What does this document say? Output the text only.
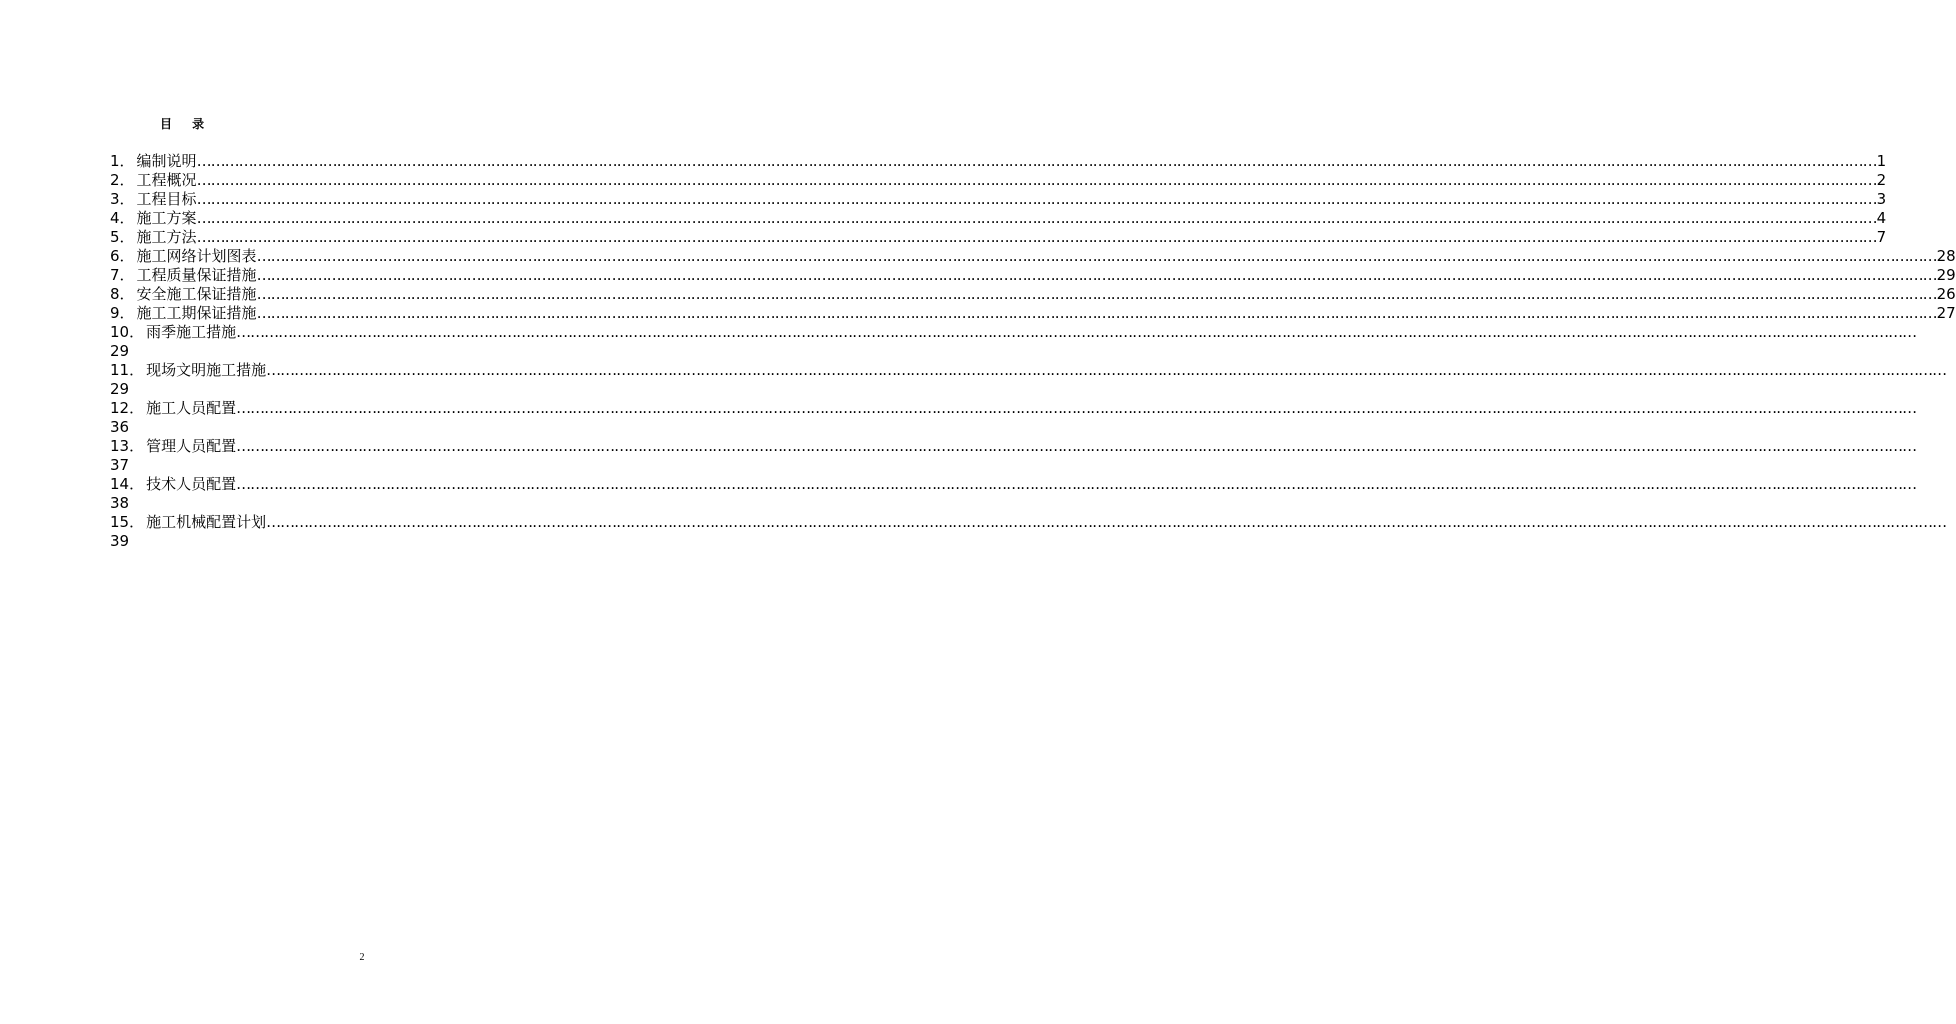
目 录
1． 编制说明 ……………………………………………………………………………………………………………………………………………………………………………………………………………………………………………………………………………………………………………………………… 1
2． 工程概况 ……………………………………………………………………………………………………………………………………………………………………………………………………………………………………………………………………………………………………………………………… 2
3． 工程目标 ……………………………………………………………………………………………………………………………………………………………………………………………………………………………………………………………………………………………………………………………… 3
4． 施工方案 ……………………………………………………………………………………………………………………………………………………………………………………………………………………………………………………………………………………………………………………………… 4
5． 施工方法 ……………………………………………………………………………………………………………………………………………………………………………………………………………………………………………………………………………………………………………………………… 7
6． 施工网络计划图表 ……………………………………………………………………………………………………………………………………………………………………………………………………………………………………………………………………………………………………………………………… 28
7． 工程质量保证措施 ……………………………………………………………………………………………………………………………………………………………………………………………………………………………………………………………………………………………………………………………… 29
8． 安全施工保证措施 ……………………………………………………………………………………………………………………………………………………………………………………………………………………………………………………………………………………………………………………………… 26
9． 施工工期保证措施 ……………………………………………………………………………………………………………………………………………………………………………………………………………………………………………………………………………………………………………………………… 27
10． 雨季施工措施 ………………………………………………………………………………………………………………………………………………………………………………………………………………………………………………………………………………………………………………………………
29
11． 现场文明施工措施 ………………………………………………………………………………………………………………………………………………………………………………………………………………………………………………………………………………………………………………………………
29
12． 施工人员配置 ………………………………………………………………………………………………………………………………………………………………………………………………………………………………………………………………………………………………………………………………
36
13． 管理人员配置 ………………………………………………………………………………………………………………………………………………………………………………………………………………………………………………………………………………………………………………………………
37
14． 技术人员配置 ………………………………………………………………………………………………………………………………………………………………………………………………………………………………………………………………………………………………………………………………
38
15． 施工机械配置计划 ………………………………………………………………………………………………………………………………………………………………………………………………………………………………………………………………………………………………………………………………
39
2
